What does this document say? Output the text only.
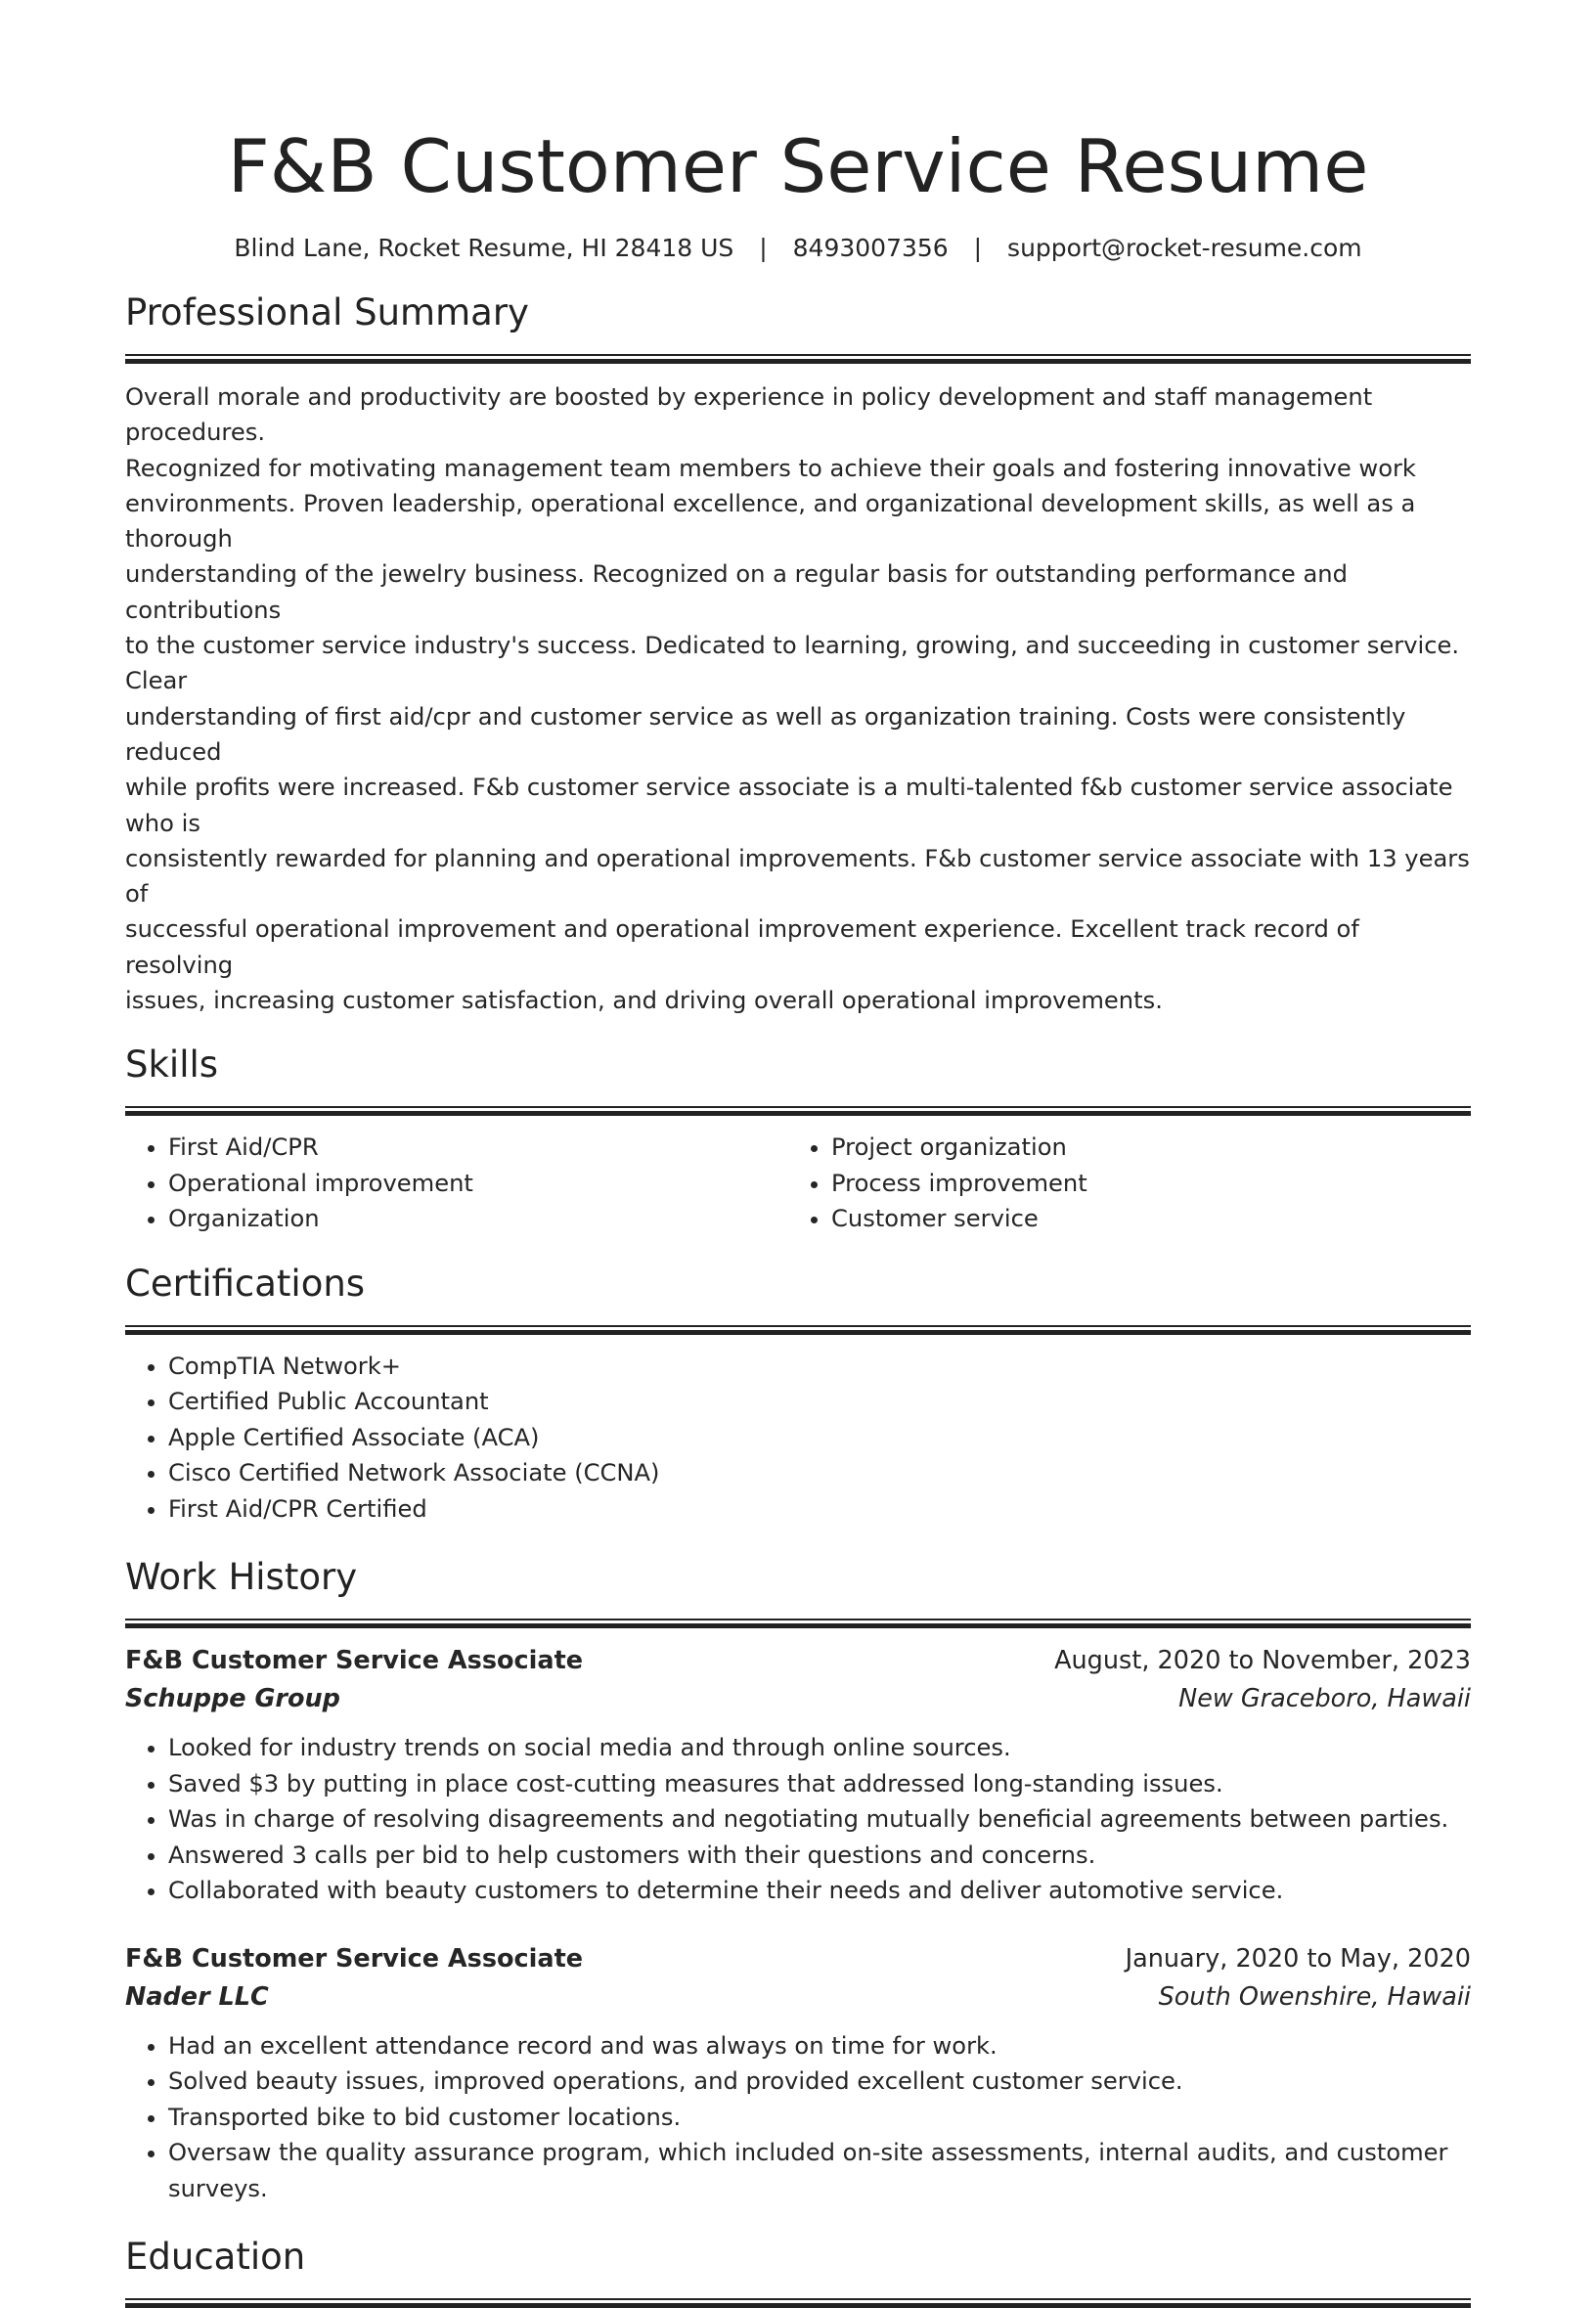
F&B Customer Service Resume
Blind Lane, Rocket Resume, HI 28418 US | 8493007356 | support@rocket-resume.com
Professional Summary
Overall morale and productivity are boosted by experience in policy development and staff management procedures.
Recognized for motivating management team members to achieve their goals and fostering innovative work
environments. Proven leadership, operational excellence, and organizational development skills, as well as a thorough
understanding of the jewelry business. Recognized on a regular basis for outstanding performance and contributions
to the customer service industry's success. Dedicated to learning, growing, and succeeding in customer service. Clear
understanding of first aid/cpr and customer service as well as organization training. Costs were consistently reduced
while profits were increased. F&b customer service associate is a multi-talented f&b customer service associate who is
consistently rewarded for planning and operational improvements. F&b customer service associate with 13 years of
successful operational improvement and operational improvement experience. Excellent track record of resolving
issues, increasing customer satisfaction, and driving overall operational improvements.
Skills
• First Aid/CPR
• Operational improvement
• Organization
• Project organization
• Process improvement
• Customer service
Certifications
• CompTIA Network+
• Certified Public Accountant
• Apple Certified Associate (ACA)
• Cisco Certified Network Associate (CCNA)
• First Aid/CPR Certified
Work History
F&B Customer Service Associate	August, 2020 to November, 2023
Schuppe Group	New Graceboro, Hawaii
• Looked for industry trends on social media and through online sources.
• Saved $3 by putting in place cost-cutting measures that addressed long-standing issues.
• Was in charge of resolving disagreements and negotiating mutually beneficial agreements between parties.
• Answered 3 calls per bid to help customers with their questions and concerns.
• Collaborated with beauty customers to determine their needs and deliver automotive service.
F&B Customer Service Associate	January, 2020 to May, 2020
Nader LLC	South Owenshire, Hawaii
• Had an excellent attendance record and was always on time for work.
• Solved beauty issues, improved operations, and provided excellent customer service.
• Transported bike to bid customer locations.
• Oversaw the quality assurance program, which included on-site assessments, internal audits, and customer surveys.
Education
